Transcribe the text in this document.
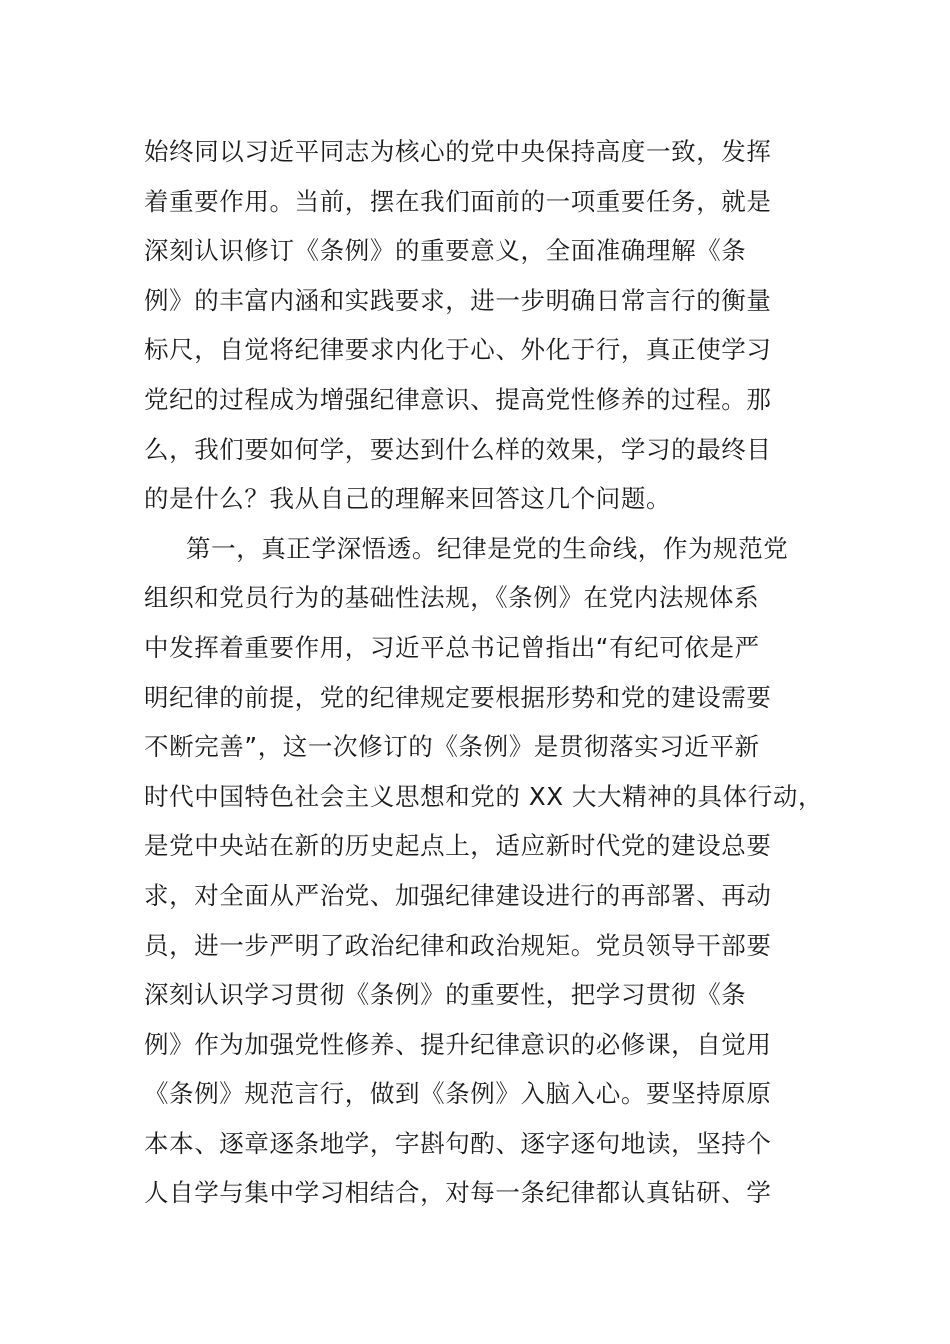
始终同以习近平同志为核心的党中央保持高度一致，发挥
着重要作用。当前，摆在我们面前的一项重要任务，就是
深刻认识修订《条例》的重要意义，全面准确理解《条
例》的丰富内涵和实践要求，进一步明确日常言行的衡量
标尺，自觉将纪律要求内化于心、外化于行，真正使学习
党纪的过程成为增强纪律意识、提高党性修养的过程。那
么，我们要如何学，要达到什么样的效果，学习的最终目
的是什么？我从自己的理解来回答这几个问题。
第一，真正学深悟透。纪律是党的生命线，作为规范党
组织和党员行为的基础性法规，《条例》在党内法规体系
中发挥着重要作用，习近平总书记曾指出“有纪可依是严
明纪律的前提，党的纪律规定要根据形势和党的建设需要
不断完善”，这一次修订的《条例》是贯彻落实习近平新
时代中国特色社会主义思想和党的 XX 大大精神的具体行动，
是党中央站在新的历史起点上，适应新时代党的建设总要
求，对全面从严治党、加强纪律建设进行的再部署、再动
员，进一步严明了政治纪律和政治规矩。党员领导干部要
深刻认识学习贯彻《条例》的重要性，把学习贯彻《条
例》作为加强党性修养、提升纪律意识的必修课，自觉用
《条例》规范言行，做到《条例》入脑入心。要坚持原原
本本、逐章逐条地学，字斟句酌、逐字逐句地读，坚持个
人自学与集中学习相结合，对每一条纪律都认真钻研、学
